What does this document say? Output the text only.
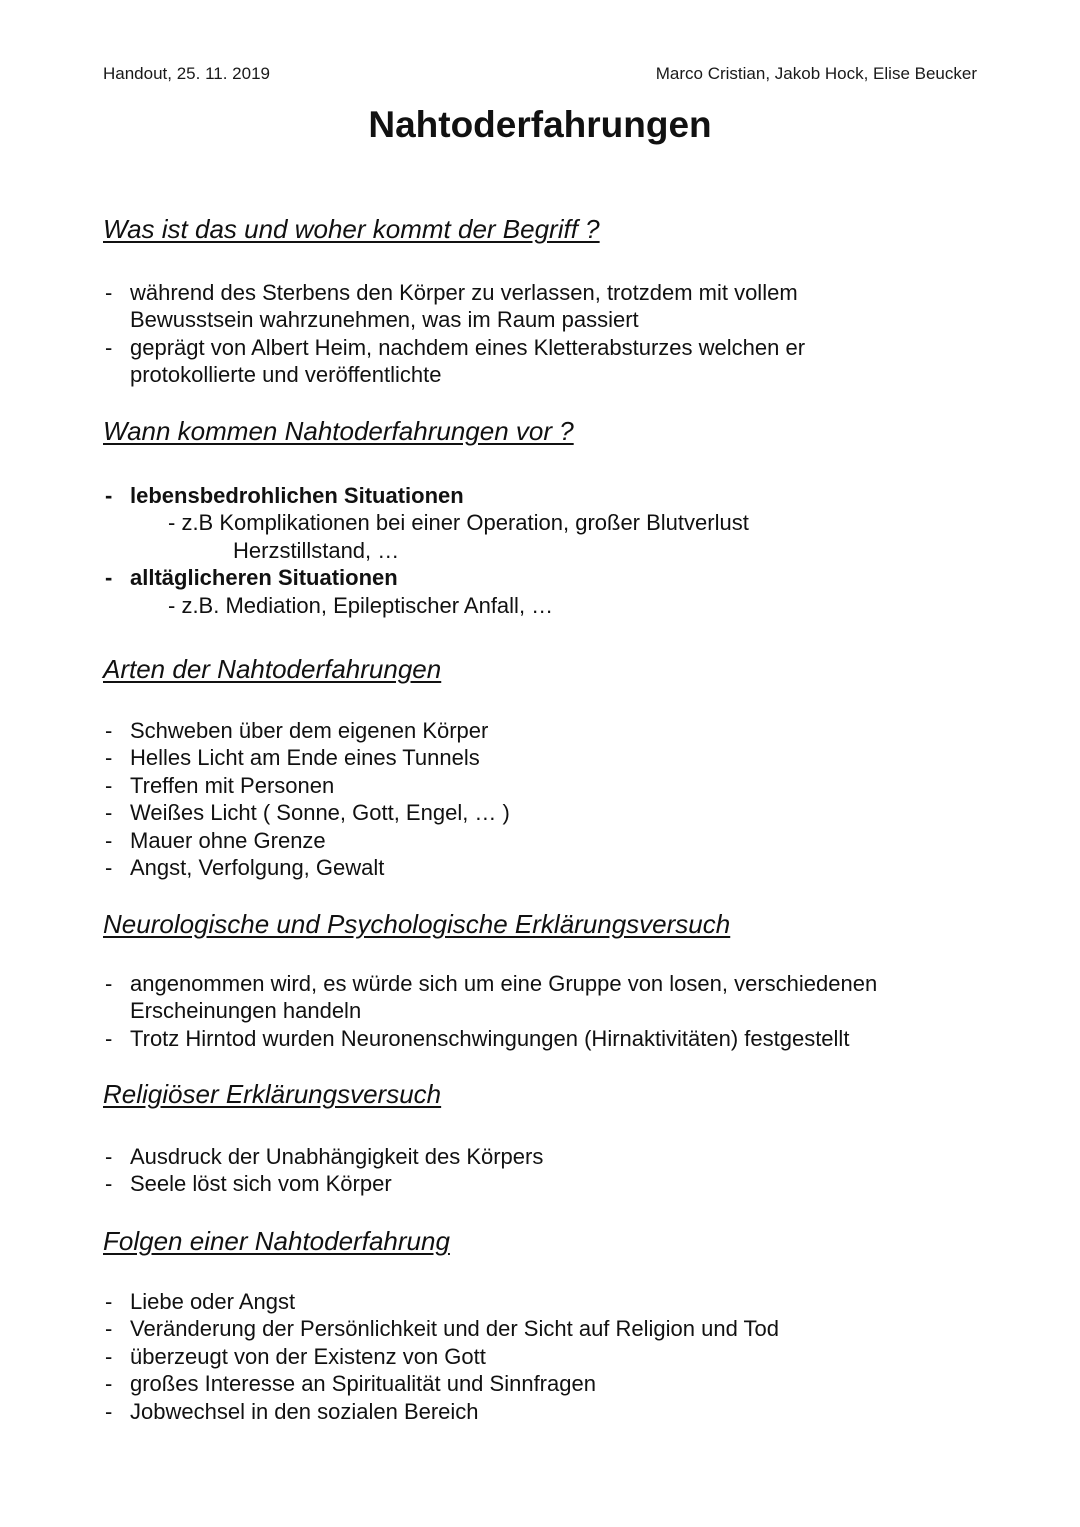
Handout, 25. 11. 2019	Marco Cristian, Jakob Hock, Elise Beucker
Nahtoderfahrungen
Was ist das und woher kommt der Begriff ?
- während des Sterbens den Körper zu verlassen, trotzdem mit vollem Bewusstsein wahrzunehmen, was im Raum passiert
- geprägt von Albert Heim, nachdem eines Kletterabsturzes welchen er protokollierte und veröffentlichte
Wann kommen Nahtoderfahrungen vor ?
- lebensbedrohlichen Situationen
- z.B Komplikationen bei einer Operation, großer Blutverlust
Herzstillstand, …
- alltäglicheren Situationen
- z.B. Mediation, Epileptischer Anfall, …
Arten der Nahtoderfahrungen
- Schweben über dem eigenen Körper
- Helles Licht am Ende eines Tunnels
- Treffen mit Personen
- Weißes Licht ( Sonne, Gott, Engel, … )
- Mauer ohne Grenze
- Angst, Verfolgung, Gewalt
Neurologische und Psychologische Erklärungsversuch
- angenommen wird, es würde sich um eine Gruppe von losen, verschiedenen Erscheinungen handeln
- Trotz Hirntod wurden Neuronenschwingungen (Hirnaktivitäten) festgestellt
Religiöser Erklärungsversuch
- Ausdruck der Unabhängigkeit des Körpers
- Seele löst sich vom Körper
Folgen einer Nahtoderfahrung
- Liebe oder Angst
- Veränderung der Persönlichkeit und der Sicht auf Religion und Tod
- überzeugt von der Existenz von Gott
- großes Interesse an Spiritualität und Sinnfragen
- Jobwechsel in den sozialen Bereich
